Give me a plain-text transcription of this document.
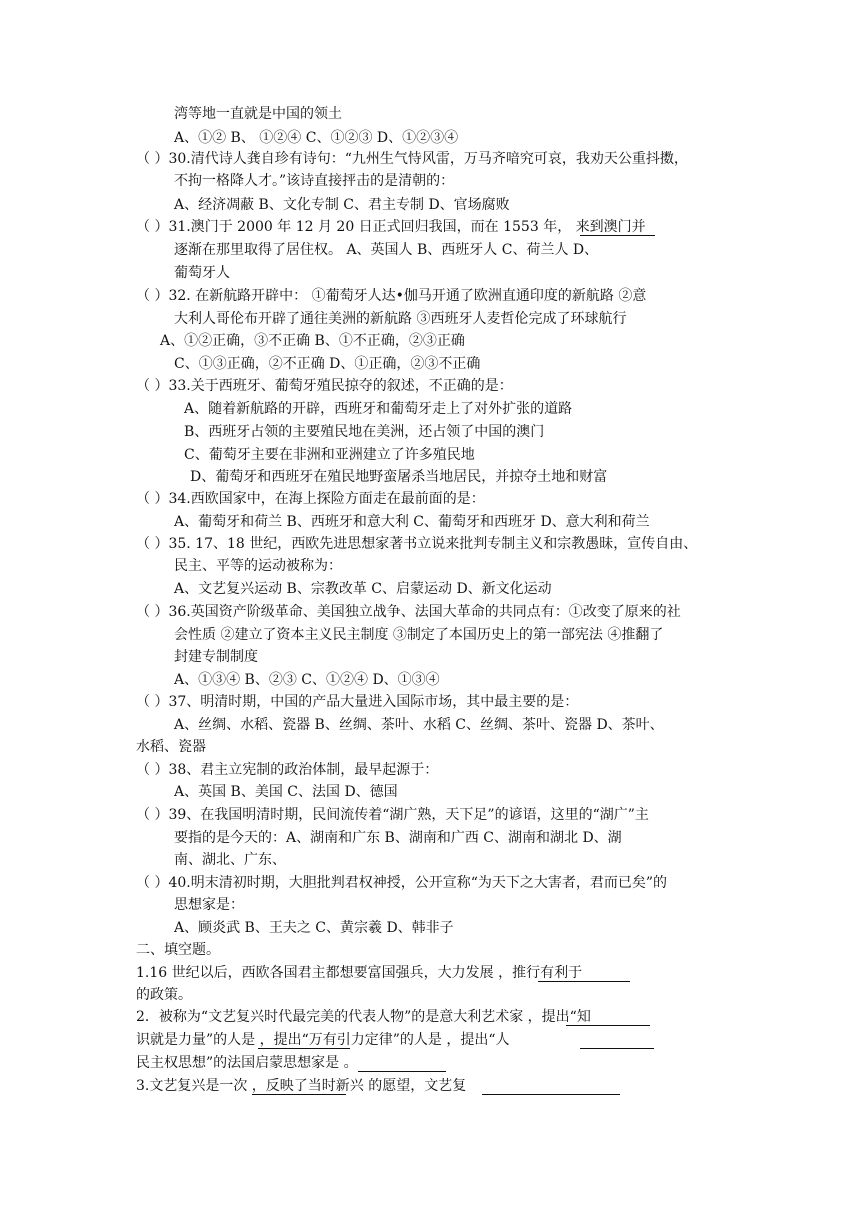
湾等地一直就是中国的领土
A、①② B、 ①②④ C、①②③ D、①②③④
（ ）30.清代诗人龚自珍有诗句：“九州生气恃风雷，万马齐喑究可哀，我劝天公重抖擞，
不拘一格降人才。”该诗直接抨击的是清朝的：
A、经济凋蔽 B、文化专制 C、君主专制 D、官场腐败
（ ）31.澳门于 2000 年 12 月 20 日正式回归我国，而在 1553 年， 来到澳门并
逐渐在那里取得了居住权。 A、英国人 B、西班牙人 C、荷兰人 D、
葡萄牙人
（ ）32. 在新航路开辟中： ①葡萄牙人达•伽马开通了欧洲直通印度的新航路 ②意
大利人哥伦布开辟了通往美洲的新航路 ③西班牙人麦哲伦完成了环球航行
A、①②正确，③不正确 B、①不正确，②③正确
C、①③正确，②不正确 D、①正确，②③不正确
（ ）33.关于西班牙、葡萄牙殖民掠夺的叙述，不正确的是：
A、随着新航路的开辟，西班牙和葡萄牙走上了对外扩张的道路
B、西班牙占领的主要殖民地在美洲，还占领了中国的澳门
C、葡萄牙主要在非洲和亚洲建立了许多殖民地
D、葡萄牙和西班牙在殖民地野蛮屠杀当地居民，并掠夺土地和财富
（ ）34.西欧国家中，在海上探险方面走在最前面的是：
A、葡萄牙和荷兰 B、西班牙和意大利 C、葡萄牙和西班牙 D、意大利和荷兰
（ ）35. 17、18 世纪，西欧先进思想家著书立说来批判专制主义和宗教愚昧，宣传自由、
民主、平等的运动被称为：
A、文艺复兴运动 B、宗教改革 C、启蒙运动 D、新文化运动
（ ）36.英国资产阶级革命、美国独立战争、法国大革命的共同点有：①改变了原来的社
会性质 ②建立了资本主义民主制度 ③制定了本国历史上的第一部宪法 ④推翻了
封建专制制度
A、①③④ B、②③ C、①②④ D、①③④
（ ）37、明清时期，中国的产品大量进入国际市场，其中最主要的是：
A、丝绸、水稻、瓷器 B、丝绸、茶叶、水稻 C、丝绸、茶叶、瓷器 D、茶叶、
水稻、瓷器
（ ）38、君主立宪制的政治体制，最早起源于：
A、英国 B、美国 C、法国 D、德国
（ ）39、在我国明清时期，民间流传着“湖广熟，天下足”的谚语，这里的“湖广”主
要指的是今天的：A、湖南和广东 B、湖南和广西 C、湖南和湖北 D、湖
南、湖北、广东、
（ ）40.明末清初时期，大胆批判君权神授，公开宣称“为天下之大害者，君而已矣”的
思想家是：
A、顾炎武 B、王夫之 C、黄宗羲 D、韩非子
二、填空题。
1.16 世纪以后，西欧各国君主都想要富国强兵，大力发展 ，推行有利于
的政策。
2．被称为“文艺复兴时代最完美的代表人物”的是意大利艺术家 ，提出“知
识就是力量”的人是 ，提出“万有引力定律”的人是 ，提出“人
民主权思想”的法国启蒙思想家是 。
3.文艺复兴是一次 ，反映了当时新兴 的愿望，文艺复
